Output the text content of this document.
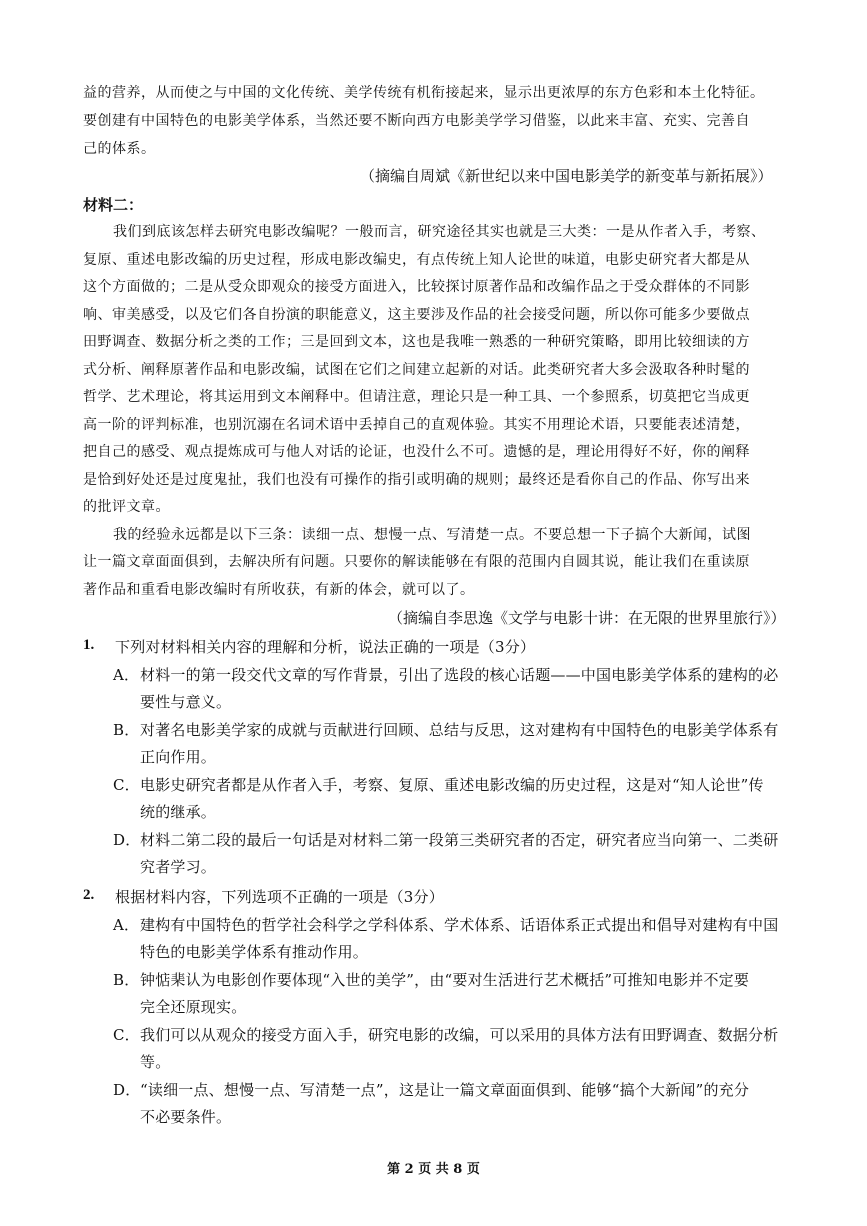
益的营养，从而使之与中国的文化传统、美学传统有机衔接起来，显示出更浓厚的东方色彩和本土化特征。
要创建有中国特色的电影美学体系，当然还要不断向西方电影美学学习借鉴，以此来丰富、充实、完善自
己的体系。
（摘编自周斌《新世纪以来中国电影美学的新变革与新拓展》）
材料二：
我们到底该怎样去研究电影改编呢？一般而言，研究途径其实也就是三大类：一是从作者入手，考察、
复原、重述电影改编的历史过程，形成电影改编史，有点传统上知人论世的味道，电影史研究者大都是从
这个方面做的；二是从受众即观众的接受方面进入，比较探讨原著作品和改编作品之于受众群体的不同影
响、审美感受，以及它们各自扮演的职能意义，这主要涉及作品的社会接受问题，所以你可能多少要做点
田野调查、数据分析之类的工作；三是回到文本，这也是我唯一熟悉的一种研究策略，即用比较细读的方
式分析、阐释原著作品和电影改编，试图在它们之间建立起新的对话。此类研究者大多会汲取各种时髦的
哲学、艺术理论，将其运用到文本阐释中。但请注意，理论只是一种工具、一个参照系，切莫把它当成更
高一阶的评判标准，也别沉溺在名词术语中丢掉自己的直观体验。其实不用理论术语，只要能表述清楚，
把自己的感受、观点提炼成可与他人对话的论证，也没什么不可。遗憾的是，理论用得好不好，你的阐释
是恰到好处还是过度鬼扯，我们也没有可操作的指引或明确的规则；最终还是看你自己的作品、你写出来
的批评文章。
我的经验永远都是以下三条：读细一点、想慢一点、写清楚一点。不要总想一下子搞个大新闻，试图
让一篇文章面面俱到，去解决所有问题。只要你的解读能够在有限的范围内自圆其说，能让我们在重读原
著作品和重看电影改编时有所收获，有新的体会，就可以了。
（摘编自李思逸《文学与电影十讲：在无限的世界里旅行》）
1. 下列对材料相关内容的理解和分析，说法正确的一项是（3分）
A． 材料一的第一段交代文章的写作背景，引出了选段的核心话题——中国电影美学体系的建构的必
要性与意义。
B． 对著名电影美学家的成就与贡献进行回顾、总结与反思，这对建构有中国特色的电影美学体系有
正向作用。
C． 电影史研究者都是从作者入手，考察、复原、重述电影改编的历史过程，这是对“知人论世”传
统的继承。
D． 材料二第二段的最后一句话是对材料二第一段第三类研究者的否定，研究者应当向第一、二类研
究者学习。
2. 根据材料内容，下列选项不正确的一项是（3分）
A． 建构有中国特色的哲学社会科学之学科体系、学术体系、话语体系正式提出和倡导对建构有中国
特色的电影美学体系有推动作用。
B． 钟惦棐认为电影创作要体现“入世的美学”，由“要对生活进行艺术概括”可推知电影并不定要
完全还原现实。
C． 我们可以从观众的接受方面入手，研究电影的改编，可以采用的具体方法有田野调查、数据分析
等。
D． “读细一点、想慢一点、写清楚一点”，这是让一篇文章面面俱到、能够“搞个大新闻”的充分
不必要条件。
第 2 页 共 8 页
